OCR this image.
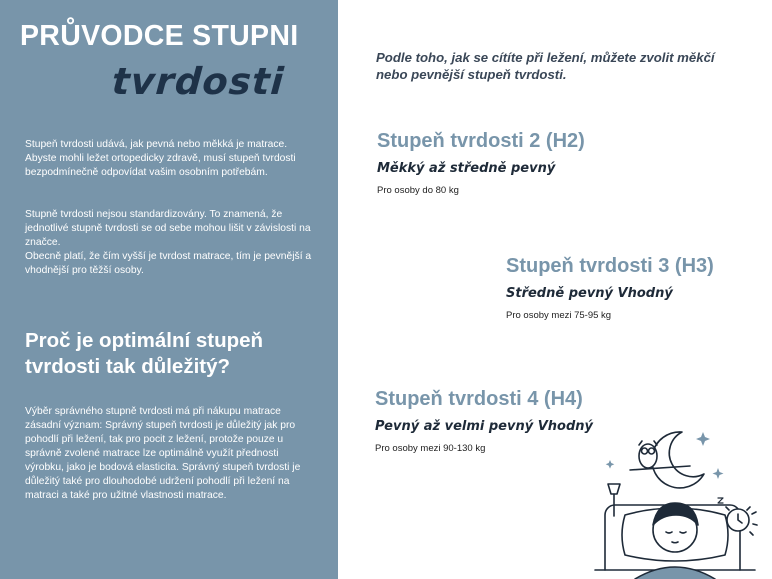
PRŮVODCE STUPNI
tvrdosti
Stupeň tvrdosti udává, jak pevná nebo měkká je matrace. Abyste mohli ležet ortopedicky zdravě, musí stupeň tvrdosti bezpodmínečně odpovídat vašim osobním potřebám.
Stupně tvrdosti nejsou standardizovány. To znamená, že jednotlivé stupně tvrdosti se od sebe mohou lišit v závislosti na značce.
Obecně platí, že čím vyšší je tvrdost matrace, tím je pevnější a vhodnější pro těžší osoby.
Proč je optimální stupeň tvrdosti tak důležitý?
Výběr správného stupně tvrdosti má při nákupu matrace zásadní význam: Správný stupeň tvrdosti je důležitý jak pro pohodlí při ležení, tak pro pocit z ležení, protože pouze u správně zvolené matrace lze optimálně využít přednosti výrobku, jako je bodová elasticita. Správný stupeň tvrdosti je důležitý také pro dlouhodobé udržení pohodlí při ležení na matraci a také pro užitné vlastnosti matrace.
Podle toho, jak se cítíte při ležení, můžete zvolit měkčí nebo pevnější stupeň tvrdosti.
Stupeň tvrdosti 2 (H2)
Měkký až středně pevný
Pro osoby do 80 kg
Stupeň tvrdosti 3 (H3)
Středně pevný Vhodný
Pro osoby mezi 75-95 kg
Stupeň tvrdosti 4 (H4)
Pevný až velmi pevný Vhodný
Pro osoby mezi 90-130 kg
